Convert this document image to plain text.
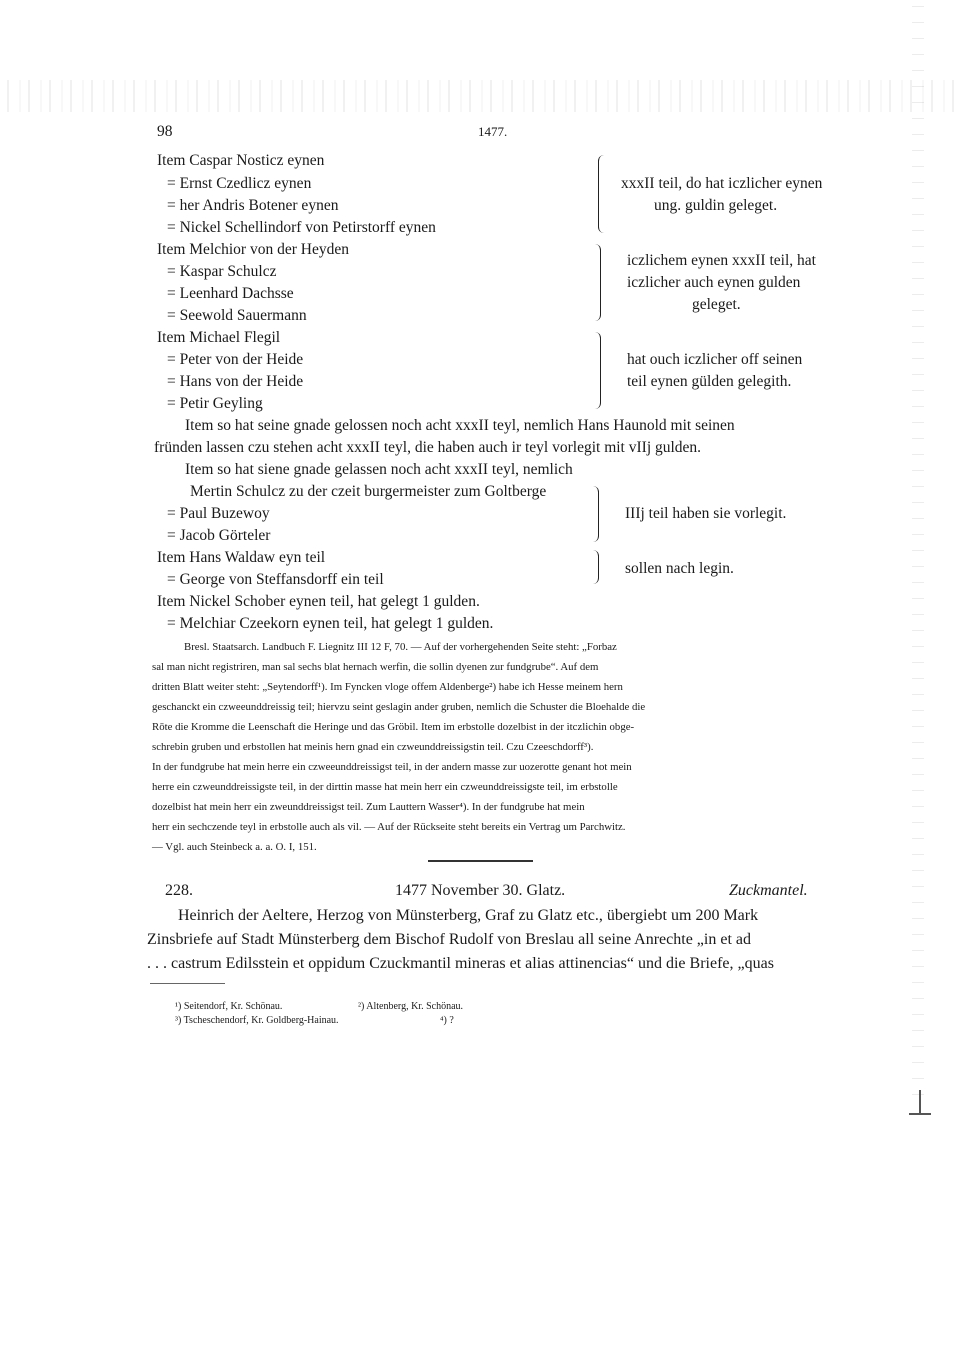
98	1477.
Item Caspar Nosticz eynen
= Ernst Czedlicz eynen
= her Andris Botener eynen
= Nickel Schellindorf von Petirstorff eynen
xxxII teil, do hat iczlicher eynen
ung. guldin geleget.
Item Melchior von der Heyden
= Kaspar Schulcz
= Leenhard Dachsse
= Seewold Sauermann
iczlichem eynen xxxII teil, hat
iczlicher auch eynen gulden
geleget.
Item Michael Flegil
= Peter von der Heide
= Hans von der Heide
= Petir Geyling
hat ouch iczlicher off seinen
teil eynen gülden gelegith.
Item so hat seine gnade gelossen noch acht xxxII teyl, nemlich Hans Haunold mit seinen
fründen lassen czu stehen acht xxxII teyl, die haben auch ir teyl vorlegit mit vIIj gulden.
Item so hat siene gnade gelassen noch acht xxxII teyl, nemlich
Mertin Schulcz zu der czeit burgermeister zum Goltberge
= Paul Buzewoy
= Jacob Görteler
IIIj teil haben sie vorlegit.
Item Hans Waldaw eyn teil
= George von Steffansdorff ein teil
sollen nach legin.
Item Nickel Schober eynen teil, hat gelegt 1 gulden.
= Melchiar Czeekorn eynen teil, hat gelegt 1 gulden.
Bresl. Staatsarch. Landbuch F. Liegnitz III 12 F, 70. — Auf der vorhergehenden Seite steht: „Forbaz
sal man nicht registriren, man sal sechs blat hernach werfin, die sollin dyenen zur fundgrube“. Auf dem
dritten Blatt weiter steht: „Seytendorff¹). Im Fyncken vloge offem Aldenberge²) habe ich Hesse meinem hern
geschanckt ein czweeunddreissig teil; hiervzu seint geslagin ander gruben, nemlich die Schuster die Bloehalde die
Rōte die Kromme die Leenschaft die Heringe und das Gröbil. Item im erbstolle dozelbist in der itczlichin obge-
schrebin gruben und erbstollen hat meinis hern gnad ein czweunddreissigstin teil. Czu Czeeschdorff³).
In der fundgrube hat mein herre ein czweeunddreissigst teil, in der andern masse zur uozerotte genant hot mein
herre ein czweunddreissigste teil, in der dirttin masse hat mein herr ein czweunddreissigste teil, im erbstolle
dozelbist hat mein herr ein zweunddreissigst teil. Zum Lauttern Wasser⁴). In der fundgrube hat mein
herr ein sechczende teyl in erbstolle auch als vil. — Auf der Rückseite steht bereits ein Vertrag um Parchwitz.
— Vgl. auch Steinbeck a. a. O. I, 151.
228.	1477 November 30. Glatz.	Zuckmantel.
Heinrich der Aeltere, Herzog von Münsterberg, Graf zu Glatz etc., übergiebt um 200 Mark
Zinsbriefe auf Stadt Münsterberg dem Bischof Rudolf von Breslau all seine Anrechte „in et ad
. . . castrum Edilsstein et oppidum Czuckmantil mineras et alias attinencias“ und die Briefe, „quas
¹) Seitendorf, Kr. Schönau.	²) Altenberg, Kr. Schönau.
³) Tscheschendorf, Kr. Goldberg-Hainau.	⁴) ?
